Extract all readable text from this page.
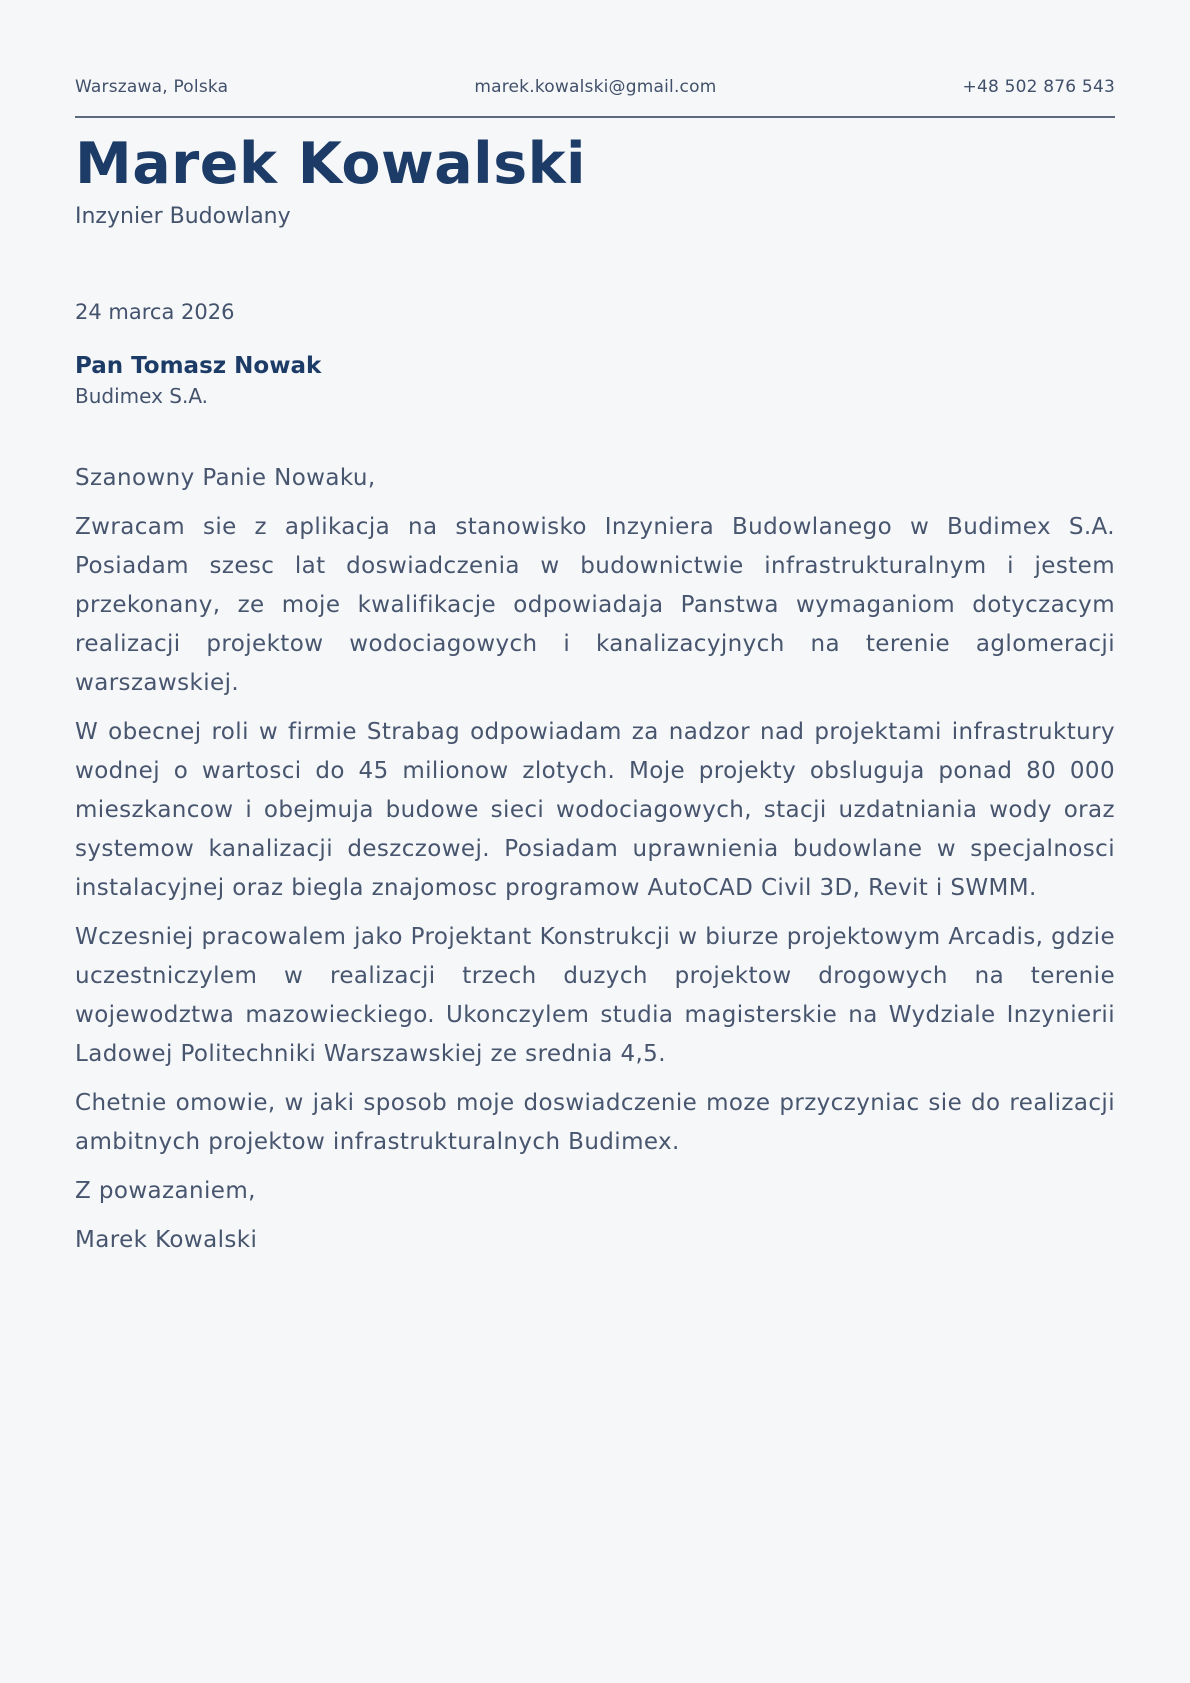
Warszawa, Polska	marek.kowalski@gmail.com	+48 502 876 543
Marek Kowalski
Inzynier Budowlany
24 marca 2026
Pan Tomasz Nowak
Budimex S.A.

Szanowny Panie Nowaku,

Zwracam sie z aplikacja na stanowisko Inzyniera Budowlanego w Budimex S.A. Posiadam szesc lat doswiadczenia w budownictwie infrastrukturalnym i jestem przekonany, ze moje kwalifikacje odpowiadaja Panstwa wymaganiom dotyczacym realizacji projektow wodociagowych i kanalizacyjnych na terenie aglomeracji warszawskiej.

W obecnej roli w firmie Strabag odpowiadam za nadzor nad projektami infrastruktury wodnej o wartosci do 45 milionow zlotych. Moje projekty obsluguja ponad 80 000 mieszkancow i obejmuja budowe sieci wodociagowych, stacji uzdatniania wody oraz systemow kanalizacji deszczowej. Posiadam uprawnienia budowlane w specjalnosci instalacyjnej oraz biegla znajomosc programow AutoCAD Civil 3D, Revit i SWMM.

Wczesniej pracowalem jako Projektant Konstrukcji w biurze projektowym Arcadis, gdzie uczestniczylem w realizacji trzech duzych projektow drogowych na terenie wojewodztwa mazowieckiego. Ukonczylem studia magisterskie na Wydziale Inzynierii Ladowej Politechniki Warszawskiej ze srednia 4,5.

Chetnie omowie, w jaki sposob moje doswiadczenie moze przyczyniac sie do realizacji ambitnych projektow infrastrukturalnych Budimex.

Z powazaniem,

Marek Kowalski
